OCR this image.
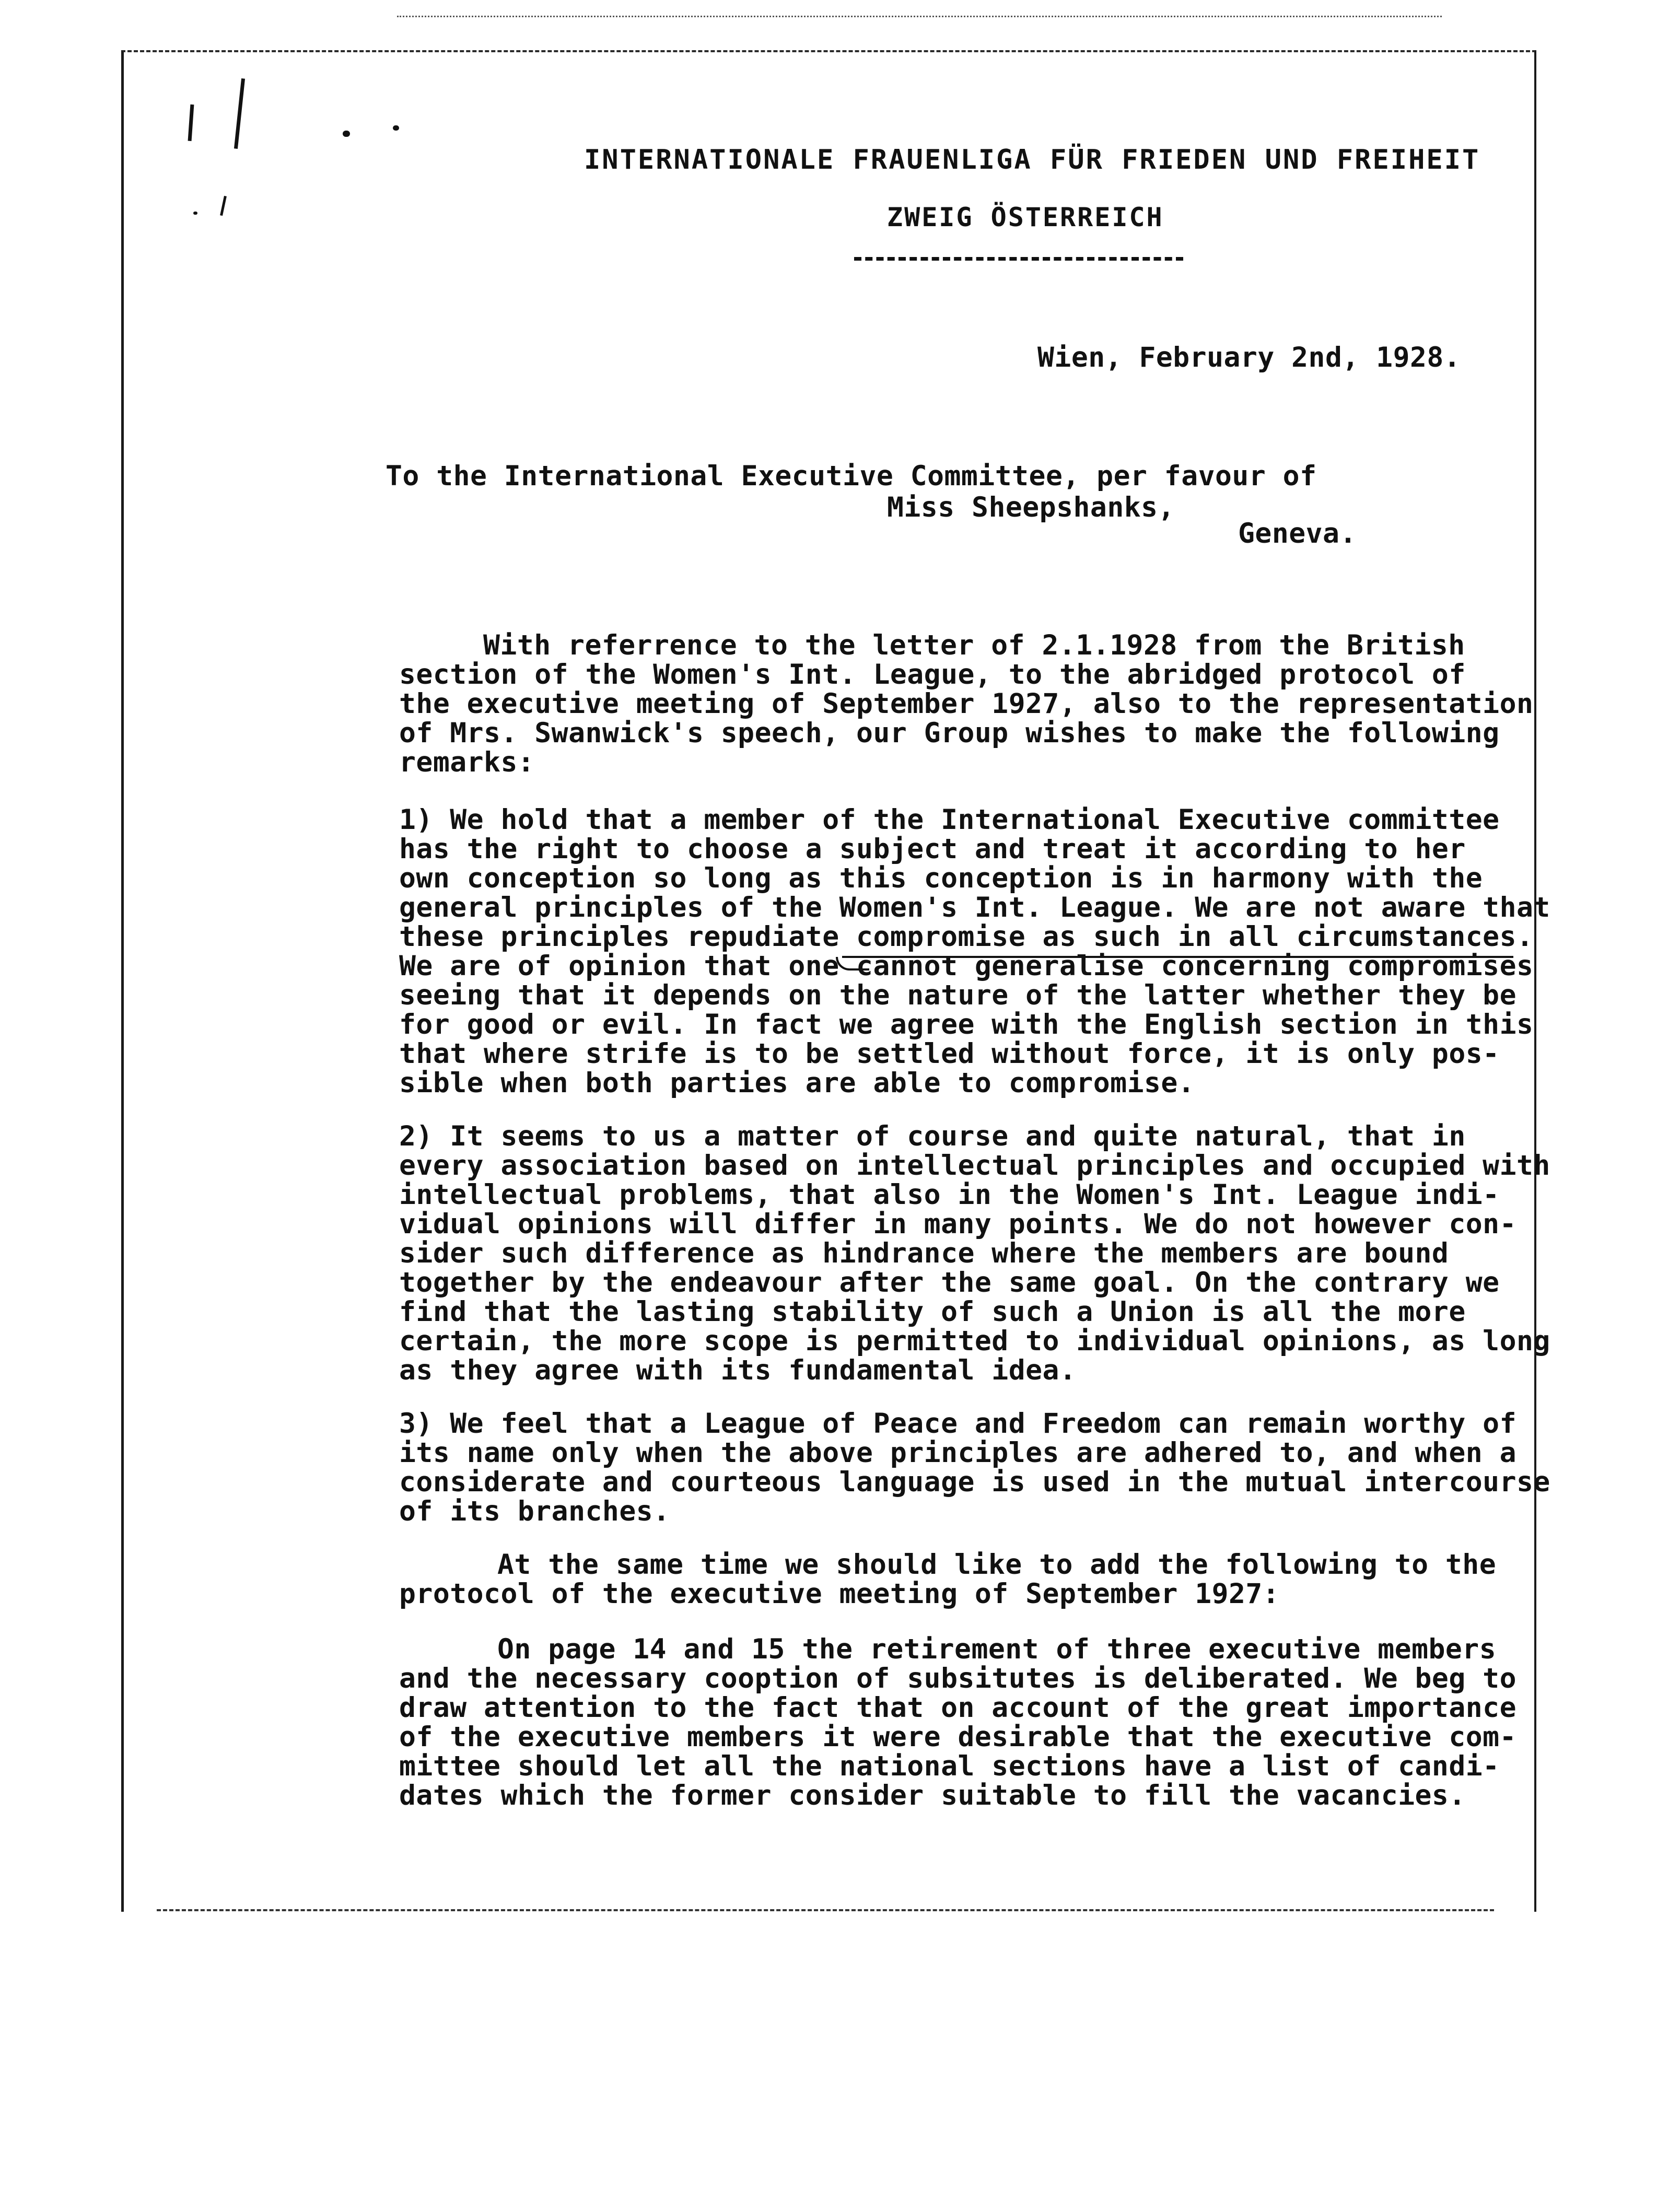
INTERNATIONALE FRAUENLIGA FÜR FRIEDEN UND FREIHEIT
ZWEIG ÖSTERREICH
Wien, February 2nd, 1928.
To the International Executive Committee, per favour of
Miss Sheepshanks,
Geneva.
With referrence to the letter of 2.1.1928 from the British
section of the Women's Int. League, to the abridged protocol of
the executive meeting of September 1927, also to the representation
of Mrs. Swanwick's speech, our Group wishes to make the following
remarks:
1) We hold that a member of the International Executive committee
has the right to choose a subject and treat it according to her
own conception so long as this conception is in harmony with the
general principles of the Women's Int. League. We are not aware that
these principles repudiate compromise as such in all circumstances.
We are of opinion that one cannot generalise concerning compromises
seeing that it depends on the nature of the latter whether they be
for good or evil. In fact we agree with the English section in this
that where strife is to be settled without force, it is only pos-
sible when both parties are able to compromise.
2) It seems to us a matter of course and quite natural, that in
every association based on intellectual principles and occupied with
intellectual problems, that also in the Women's Int. League indi-
vidual opinions will differ in many points. We do not however con-
sider such difference as hindrance where the members are bound
together by the endeavour after the same goal. On the contrary we
find that the lasting stability of such a Union is all the more
certain, the more scope is permitted to individual opinions, as long
as they agree with its fundamental idea.
3) We feel that a League of Peace and Freedom can remain worthy of
its name only when the above principles are adhered to, and when a
considerate and courteous language is used in the mutual intercourse
of its branches.
At the same time we should like to add the following to the
protocol of the executive meeting of September 1927:
On page 14 and 15 the retirement of three executive members
and the necessary cooption of subsitutes is deliberated. We beg to
draw attention to the fact that on account of the great importance
of the executive members it were desirable that the executive com-
mittee should let all the national sections have a list of candi-
dates which the former consider suitable to fill the vacancies.
